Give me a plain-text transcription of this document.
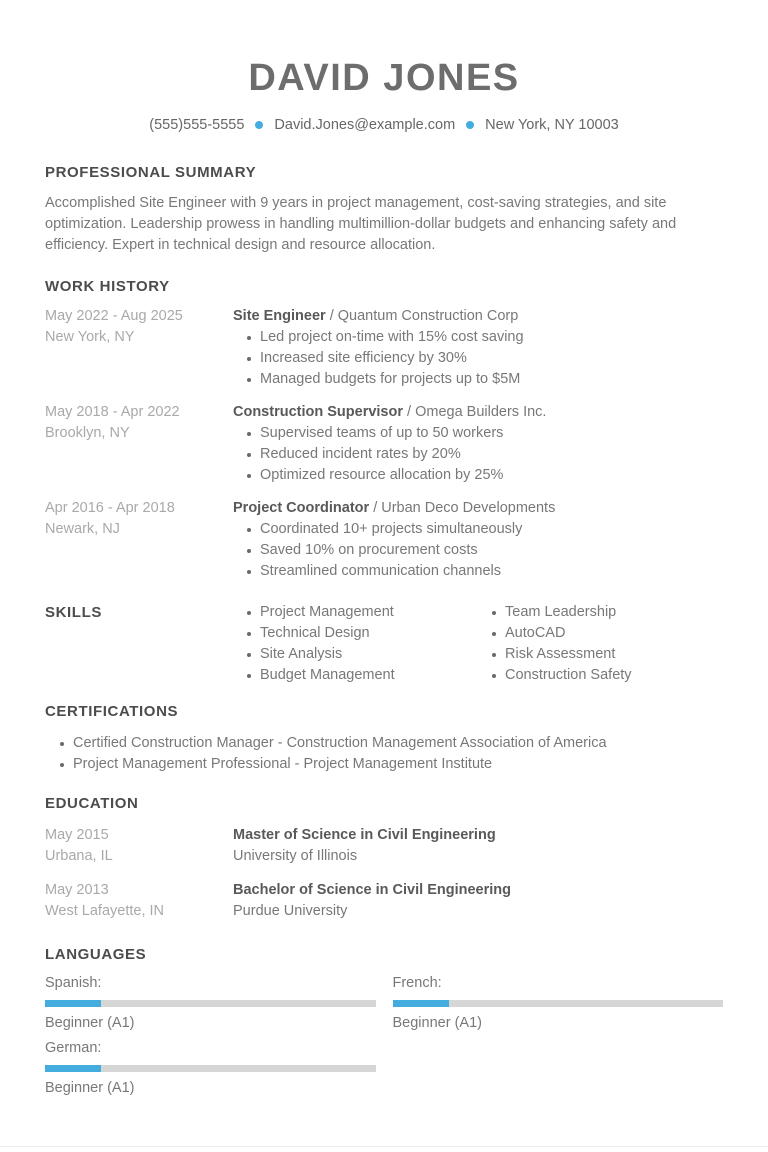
DAVID JONES
(555)555-5555 David.Jones@example.com New York, NY 10003
PROFESSIONAL SUMMARY

Accomplished Site Engineer with 9 years in project management, cost-saving strategies, and site optimization. Leadership prowess in handling multimillion-dollar budgets and enhancing safety and efficiency. Expert in technical design and resource allocation.

WORK HISTORY
May 2022 - Aug 2025
New York, NY
Site Engineer / Quantum Construction Corp
Led project on-time with 15% cost saving
Increased site efficiency by 30%
Managed budgets for projects up to $5M
May 2018 - Apr 2022
Brooklyn, NY
Construction Supervisor / Omega Builders Inc.
Supervised teams of up to 50 workers
Reduced incident rates by 20%
Optimized resource allocation by 25%
Apr 2016 - Apr 2018
Newark, NJ
Project Coordinator / Urban Deco Developments
Coordinated 10+ projects simultaneously
Saved 10% on procurement costs
Streamlined communication channels
SKILLS	Project Management
Technical Design
Site Analysis
Budget Management
Team Leadership
AutoCAD
Risk Assessment
Construction Safety
CERTIFICATIONS
Certified Construction Manager - Construction Management Association of America
Project Management Professional - Project Management Institute
EDUCATION
May 2015
Urbana, IL
Master of Science in Civil Engineering
University of Illinois
May 2013
West Lafayette, IN
Bachelor of Science in Civil Engineering
Purdue University
LANGUAGES
Spanish:
Beginner (A1)
French:
Beginner (A1)
German:
Beginner (A1)
